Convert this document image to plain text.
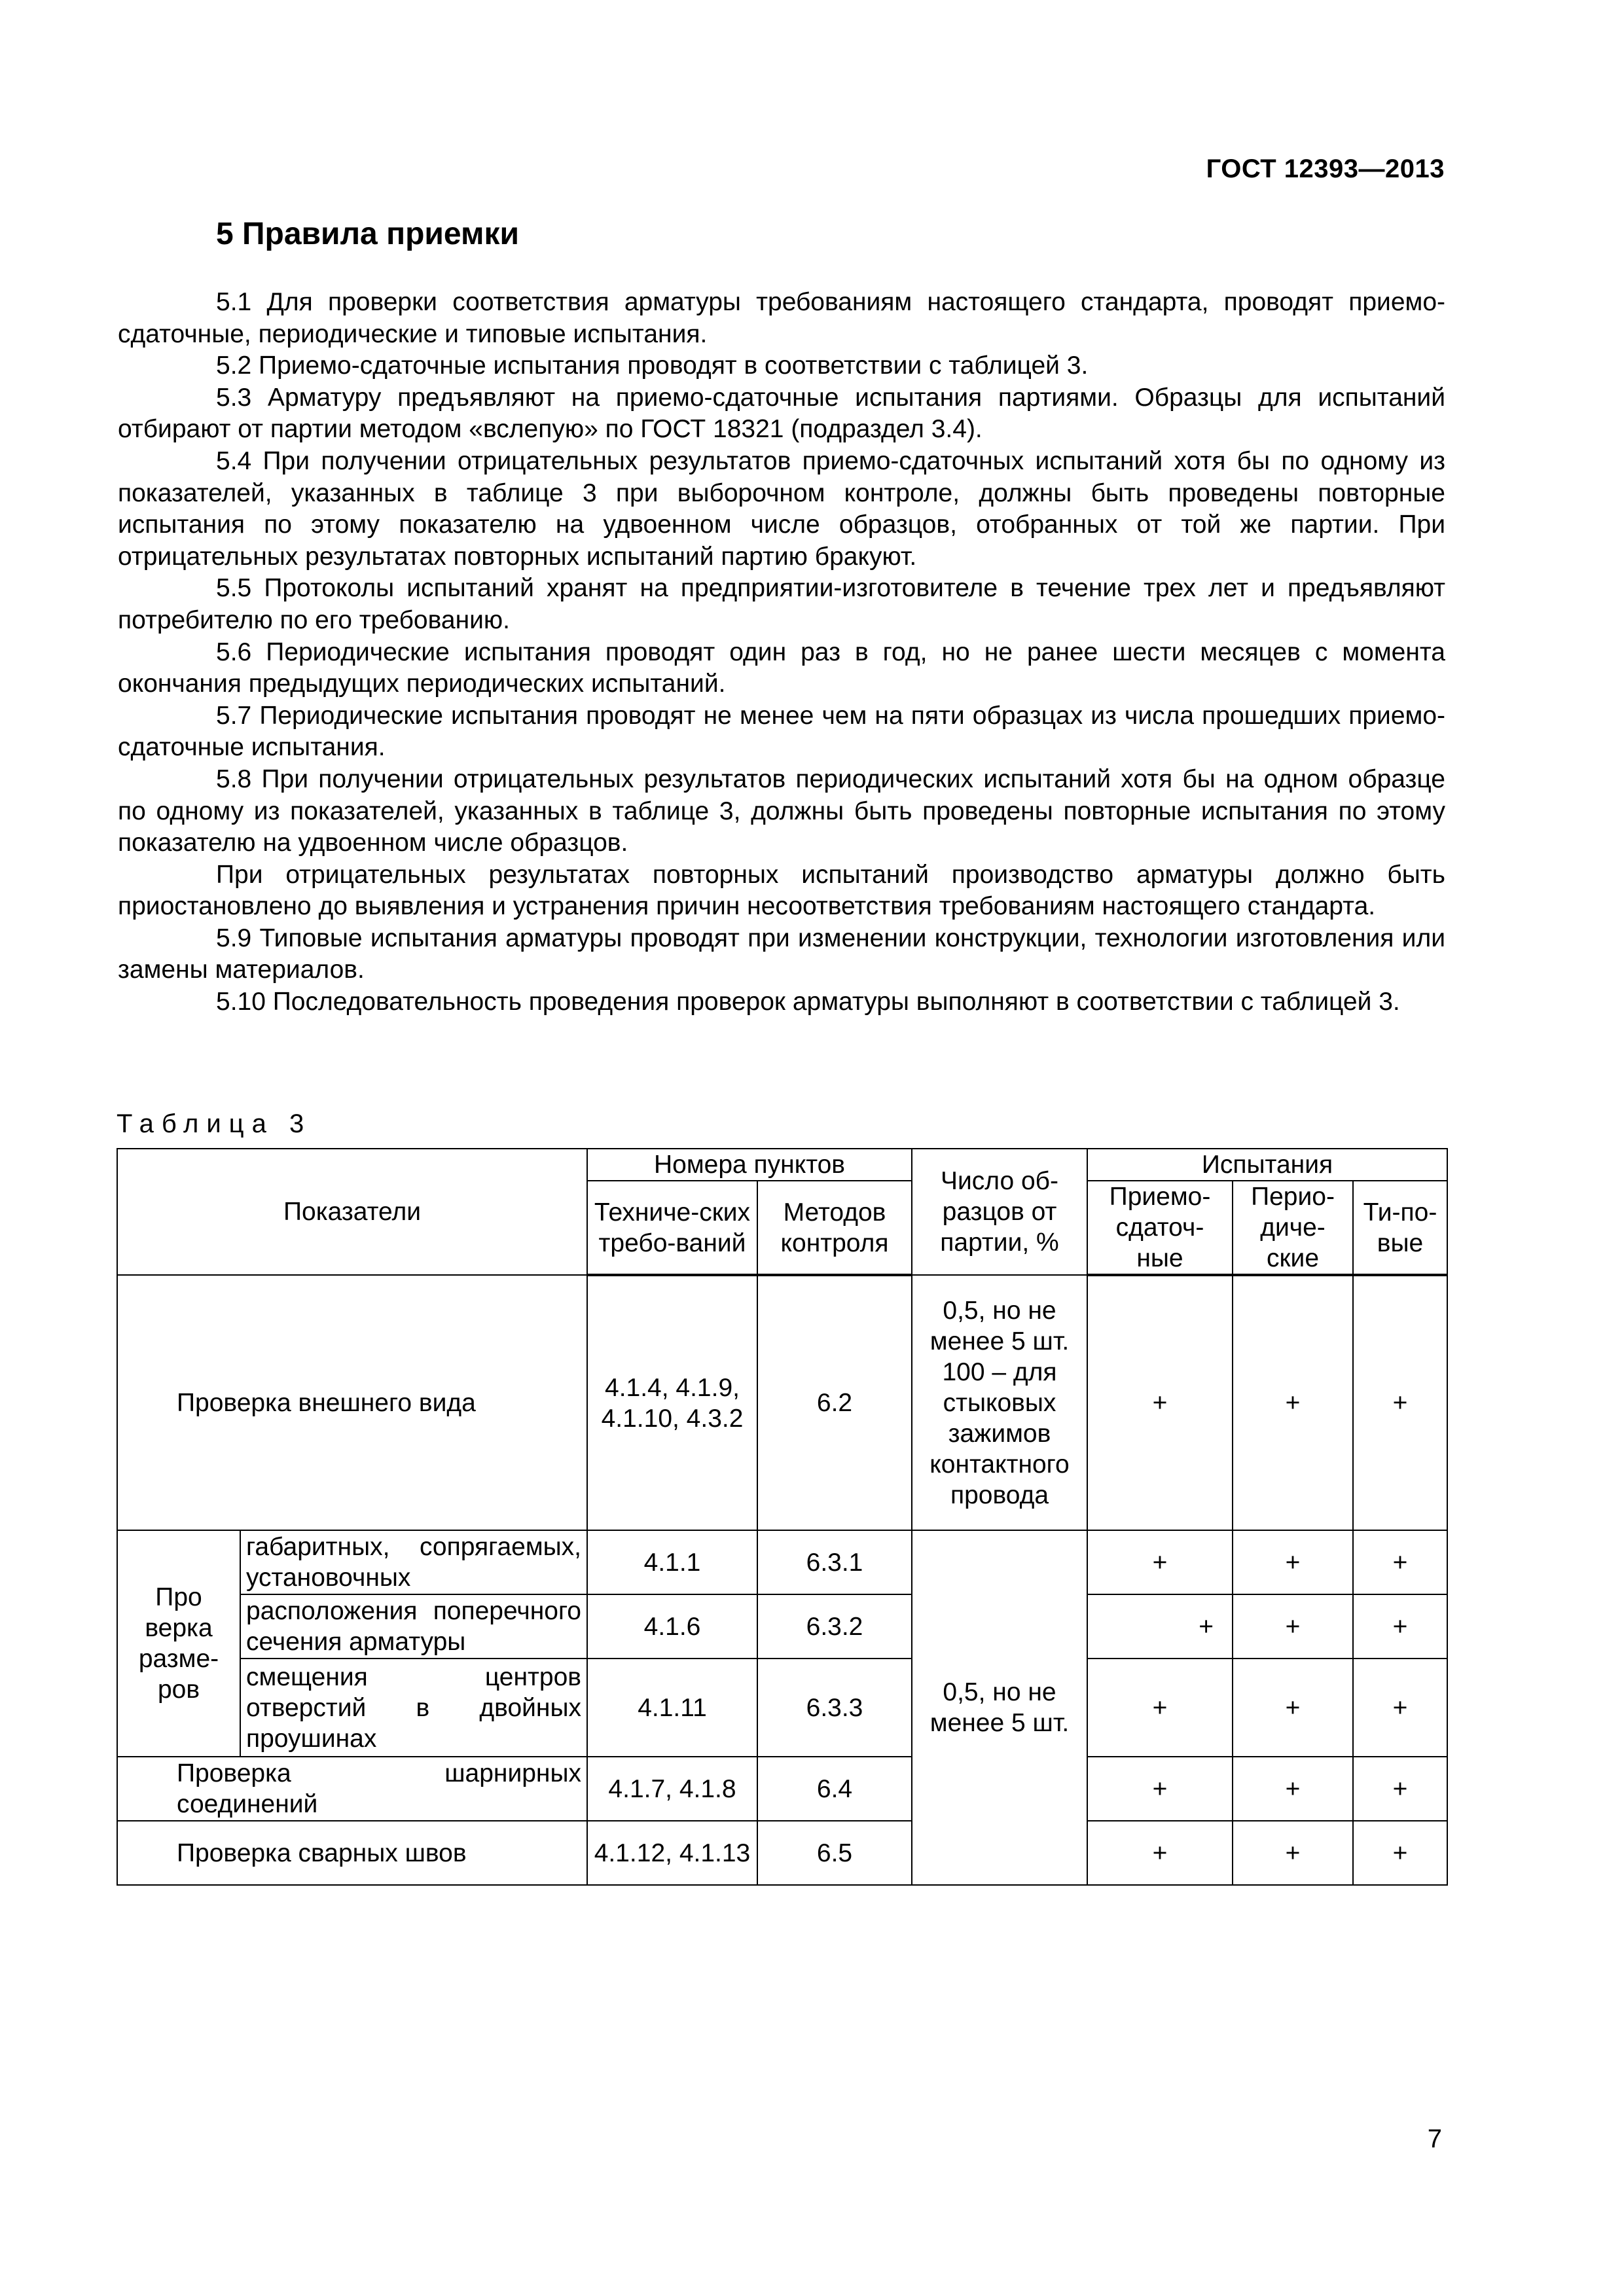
ГОСТ 12393—2013
5 Правила приемки

5.1 Для проверки соответствия арматуры требованиям настоящего стандарта, проводят приемо-сдаточные, периодические и типовые испытания.

5.2 Приемо-сдаточные испытания проводят в соответствии с таблицей 3.

5.3 Арматуру предъявляют на приемо-сдаточные испытания партиями. Образцы для испытаний отбирают от партии методом «вслепую» по ГОСТ 18321 (подраздел 3.4).

5.4 При получении отрицательных результатов приемо-сдаточных испытаний хотя бы по одному из показателей, указанных в таблице 3 при выборочном контроле, должны быть проведены повторные испытания по этому показателю на удвоенном числе образцов, отобранных от той же партии. При отрицательных результатах повторных испытаний партию бракуют.

5.5 Протоколы испытаний хранят на предприятии-изготовителе в течение трех лет и предъявляют потребителю по его требованию.

5.6 Периодические испытания проводят один раз в год, но не ранее шести месяцев с момента окончания предыдущих периодических испытаний.

5.7 Периодические испытания проводят не менее чем на пяти образцах из числа прошедших приемо-сдаточные испытания.

5.8 При получении отрицательных результатов периодических испытаний хотя бы на одном образце по одному из показателей, указанных в таблице 3, должны быть проведены повторные испытания по этому показателю на удвоенном числе образцов.

При отрицательных результатах повторных испытаний производство арматуры должно быть приостановлено до выявления и устранения причин несоответствия требованиям настоящего стандарта.

5.9 Типовые испытания арматуры проводят при изменении конструкции, технологии изготовления или замены материалов.

5.10 Последовательность проведения проверок арматуры выполняют в соответствии с таблицей 3.

Таблица 3
Показатели		Номера пунктов		Число об-разцов от партии, %	Испытания		
		Техниче-ских требо-ваний	Методов контроля		Приемо-сдаточ-ные	Перио-диче-ские	Ти-по-вые
Проверка внешнего вида		4.1.4, 4.1.9, 4.1.10, 4.3.2	6.2	0,5, но не менее 5 шт. 100 – для стыковых зажимов контактного провода	+	+	+
Про верка разме-ров	габаритных, сопрягаемых, установочных	4.1.1	6.3.1	0,5, но не менее 5 шт.	+	+	+
	расположения поперечного сечения арматуры	4.1.6	6.3.2		+	+	+
	смещения центров отверстий в двойных проушинах	4.1.11	6.3.3		+	+	+
Проверка шарнирных соединений		4.1.7, 4.1.8	6.4		+	+	+
Проверка сварных швов		4.1.12, 4.1.13	6.5		+	+	+
7
